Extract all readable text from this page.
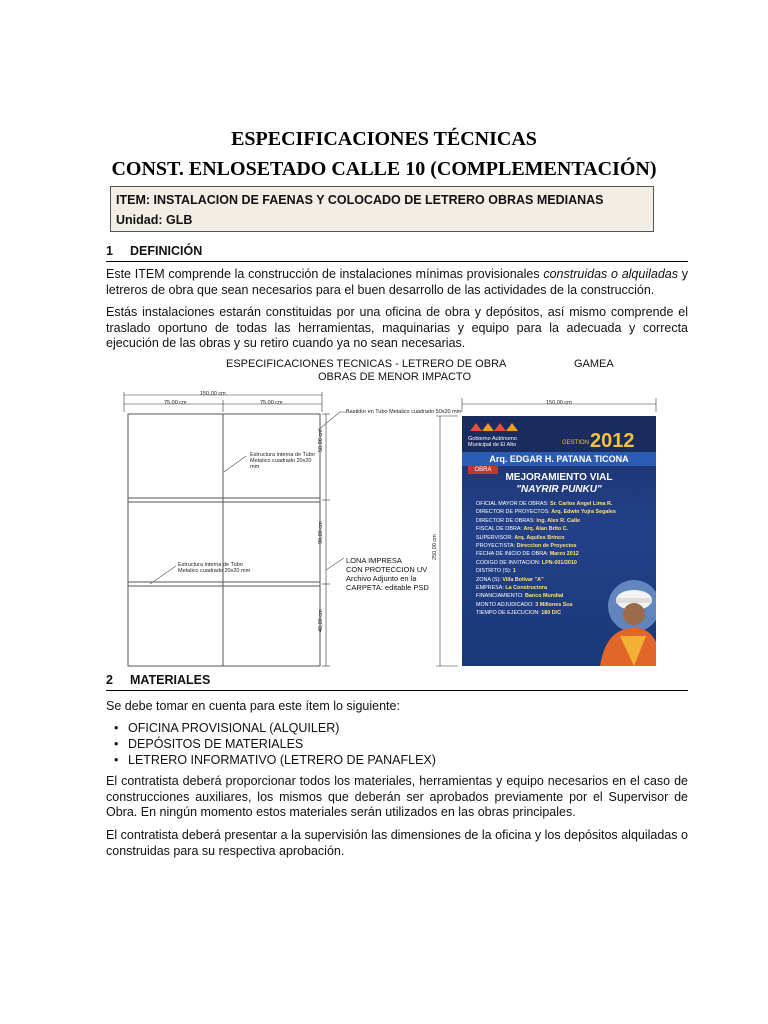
ESPECIFICACIONES TÉCNICAS
CONST. ENLOSETADO CALLE 10 (COMPLEMENTACIÓN)
ITEM: INSTALACION DE FAENAS Y COLOCADO DE LETRERO OBRAS MEDIANAS
Unidad: GLB
1 DEFINICIÓN
Este ITEM comprende la construcción de instalaciones mínimas provisionales construidas o alquiladas y letreros de obra que sean necesarios para el buen desarrollo de las actividades de la construcción.
Estás instalaciones estarán constituidas por una oficina de obra y depósitos, así mismo comprende el traslado oportuno de todas las herramientas, maquinarias y equipo para la adecuada y correcta ejecución de las obras y su retiro cuando ya no sean necesarias.
ESPECIFICACIONES TECNICAS - LETRERO DE OBRA	GAMEA
OBRAS DE MENOR IMPACTO
150,00 cm
75,00 cm	75,00 cm
Bastidor en Tubo Metalico cuadrado 50x20 mm
Estructura interna de Tubo Metalico cuadrado 20x20 mm
Estructura interna de Tubo Metalico cuadrado 20x20 mm
50,00 cm
90,00 cm
40,00 cm
150,00 cm
250,00 cm
LONA IMPRESA
CON PROTECCION UV
Archivo Adjunto en la
CARPETA: editable PSD
Gobierno Autónomo
Municipal de El Alto	GESTION 2012
Arq. EDGAR H. PATANA TICONA
OBRA
MEJORAMIENTO VIAL
"NAYRIR PUNKU"
OFICIAL MAYOR DE OBRAS: Sr. Carlos Angel Lima R.
DIRECTOR DE PROYECTOS: Arq. Edwin Yujra Segales
DIRECTOR DE OBRAS: Ing. Alex R. Calle
FISCAL DE OBRA: Arq. Alan Brito C.
SUPERVISOR: Arq. Aquiles Brinco
PROYECTISTA: Direccion de Proyectos
FECHA DE INICIO DE OBRA: Marzo 2012
CODIGO DE INVITACION: LPN-001/2010
DISTRITO (S): 1
ZONA (S): Villa Bolivar "A"
EMPRESA: La Constructora
FINANCIAMIENTO: Banco Mundial
MONTO ADJUDICADO: 3 Millones Sus
TIEMPO DE EJECUCION: 180 D/C
2 MATERIALES
Se debe tomar en cuenta para este ítem lo siguiente:
• OFICINA PROVISIONAL (ALQUILER)
• DEPÓSITOS DE MATERIALES
• LETRERO INFORMATIVO (LETRERO DE PANAFLEX)
El contratista deberá proporcionar todos los materiales, herramientas y equipo necesarios en el caso de construcciones auxiliares, los mismos que deberán ser aprobados previamente por el Supervisor de Obra. En ningún momento estos materiales serán utilizados en las obras principales.
El contratista deberá presentar a la supervisión las dimensiones de la oficina y los depósitos alquiladas o construidas para su respectiva aprobación.
